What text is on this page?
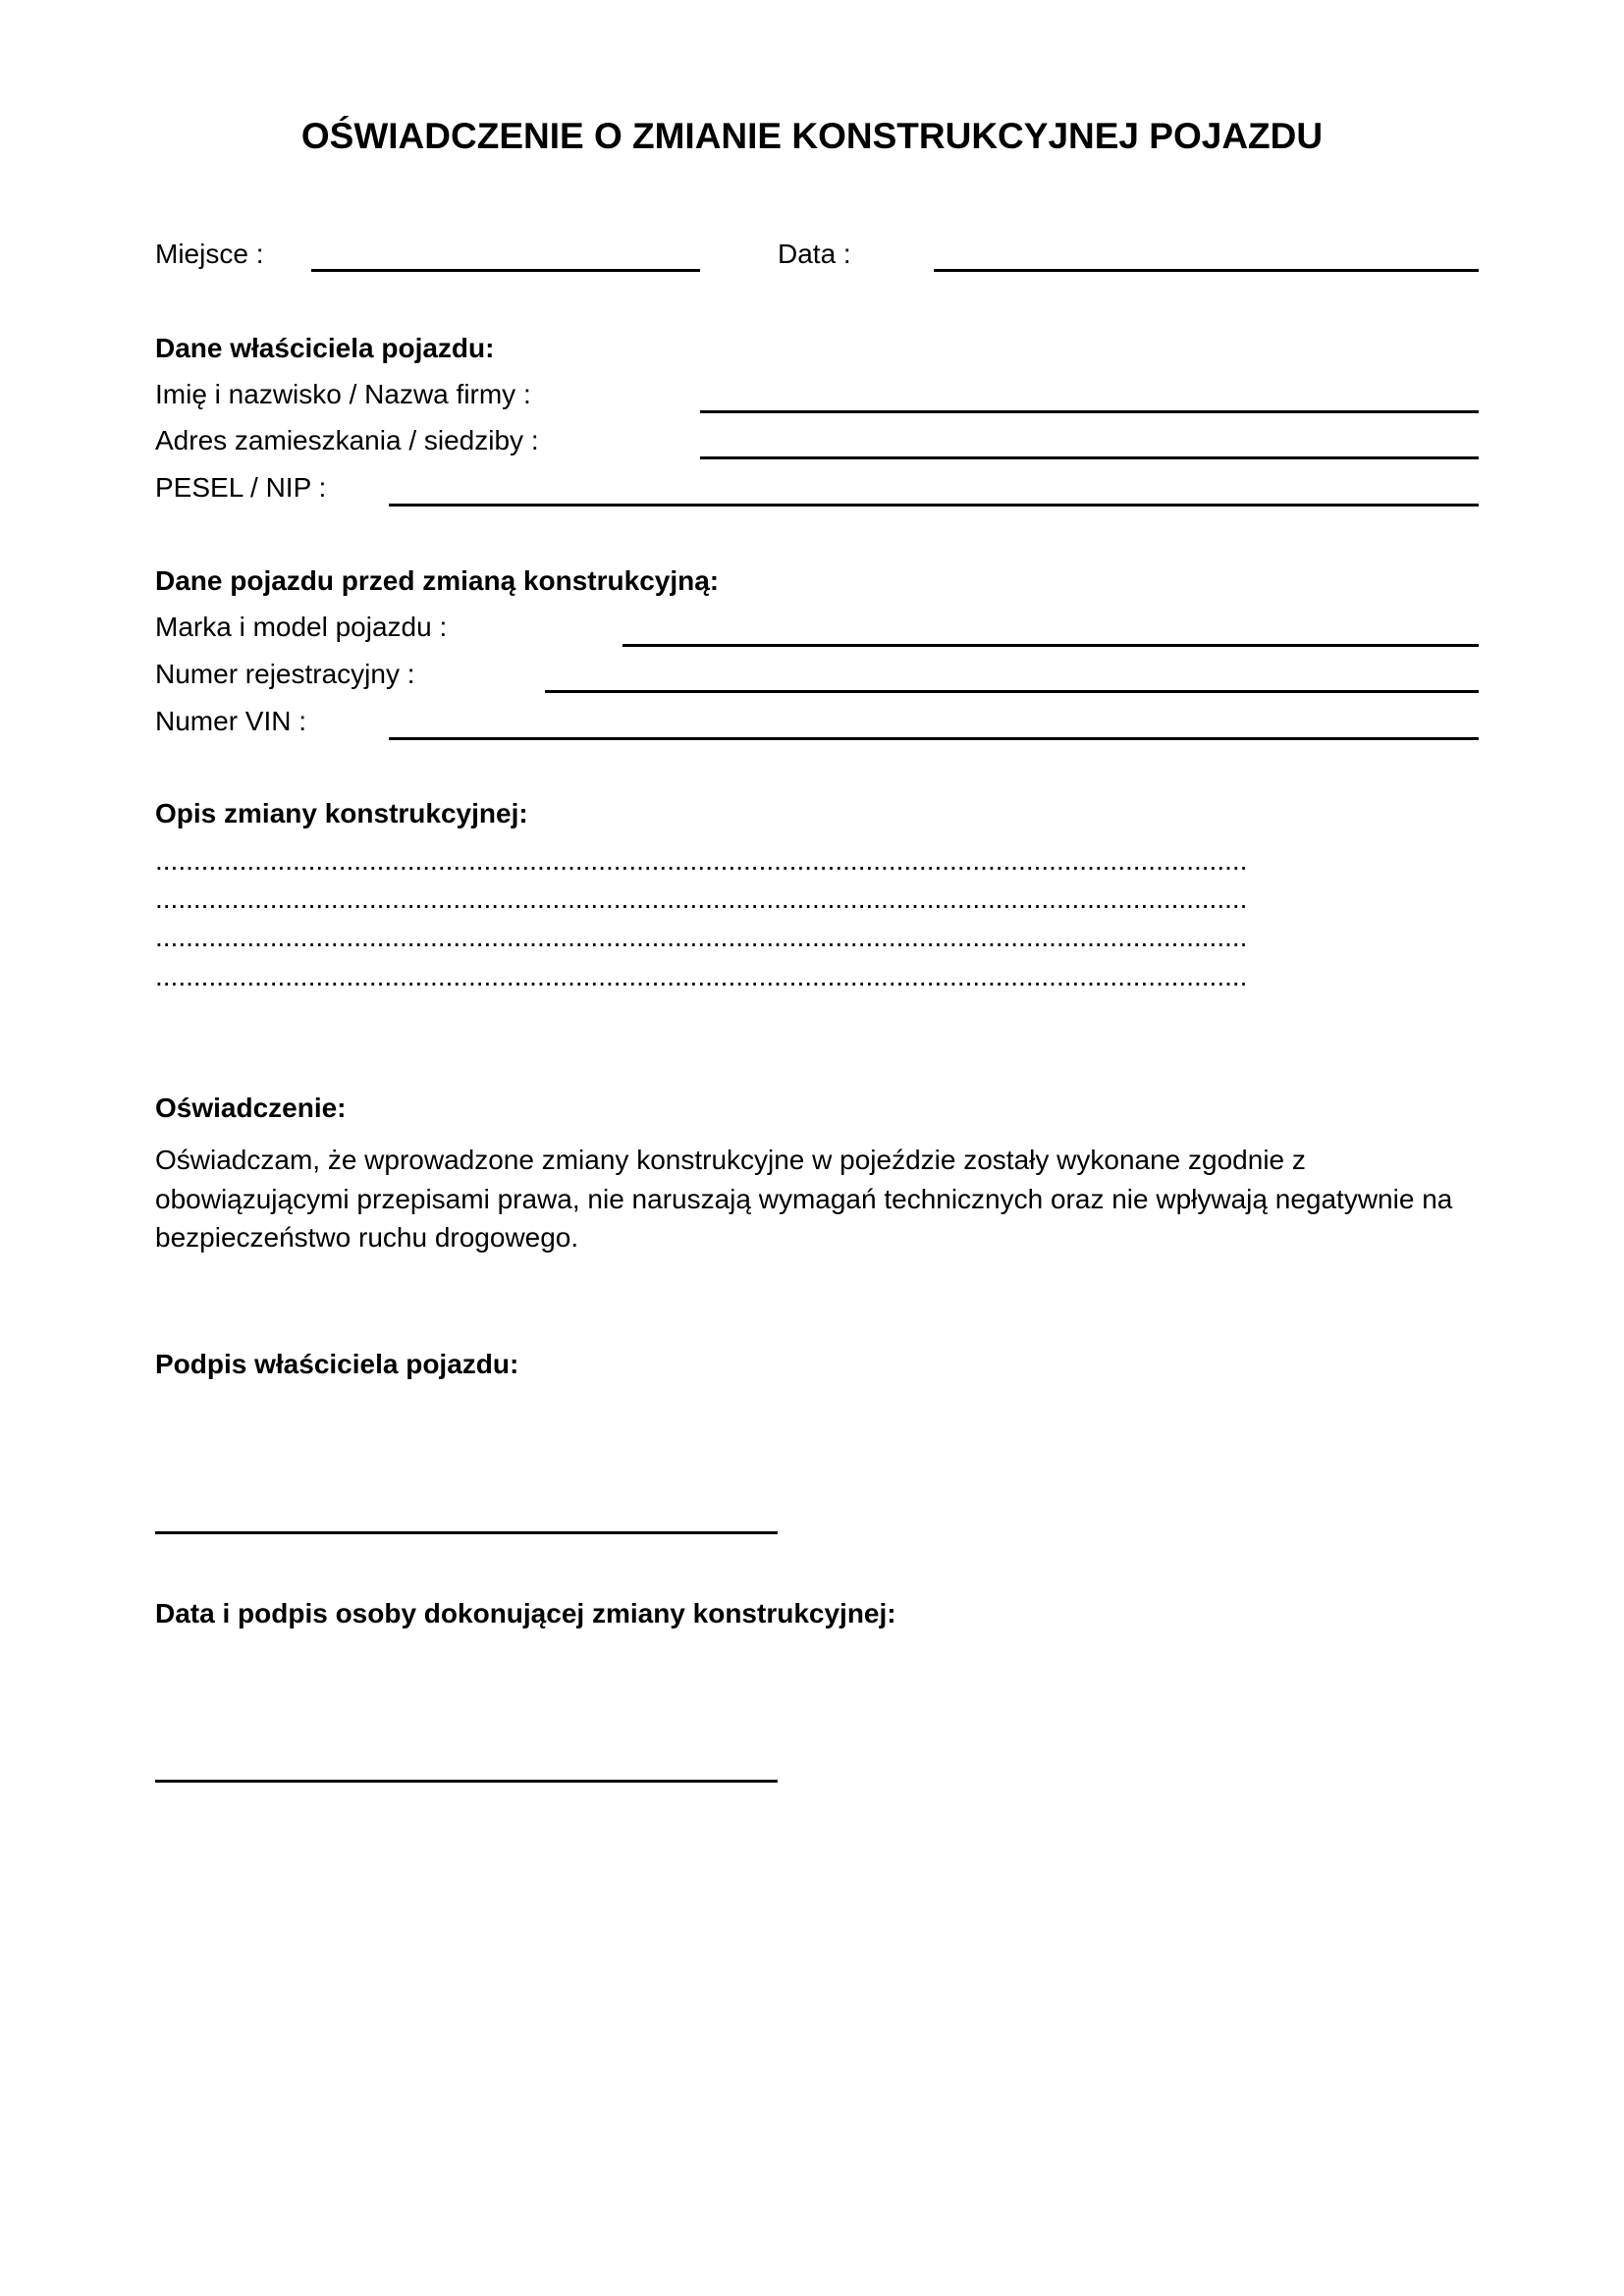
OŚWIADCZENIE O ZMIANIE KONSTRUKCYJNEJ POJAZDU
Miejsce :	Data :
Dane właściciela pojazdu:
Imię i nazwisko / Nazwa firmy :
Adres zamieszkania / siedziby :
PESEL / NIP :
Dane pojazdu przed zmianą konstrukcyjną:
Marka i model pojazdu :
Numer rejestracyjny :
Numer VIN :
Opis zmiany konstrukcyjnej:
...............................................................................................................................................
...............................................................................................................................................
...............................................................................................................................................
...............................................................................................................................................
Oświadczenie:
Oświadczam, że wprowadzone zmiany konstrukcyjne w pojeździe zostały wykonane zgodnie z obowiązującymi przepisami prawa, nie naruszają wymagań technicznych oraz nie wpływają negatywnie na bezpieczeństwo ruchu drogowego.
Podpis właściciela pojazdu:
Data i podpis osoby dokonującej zmiany konstrukcyjnej:
